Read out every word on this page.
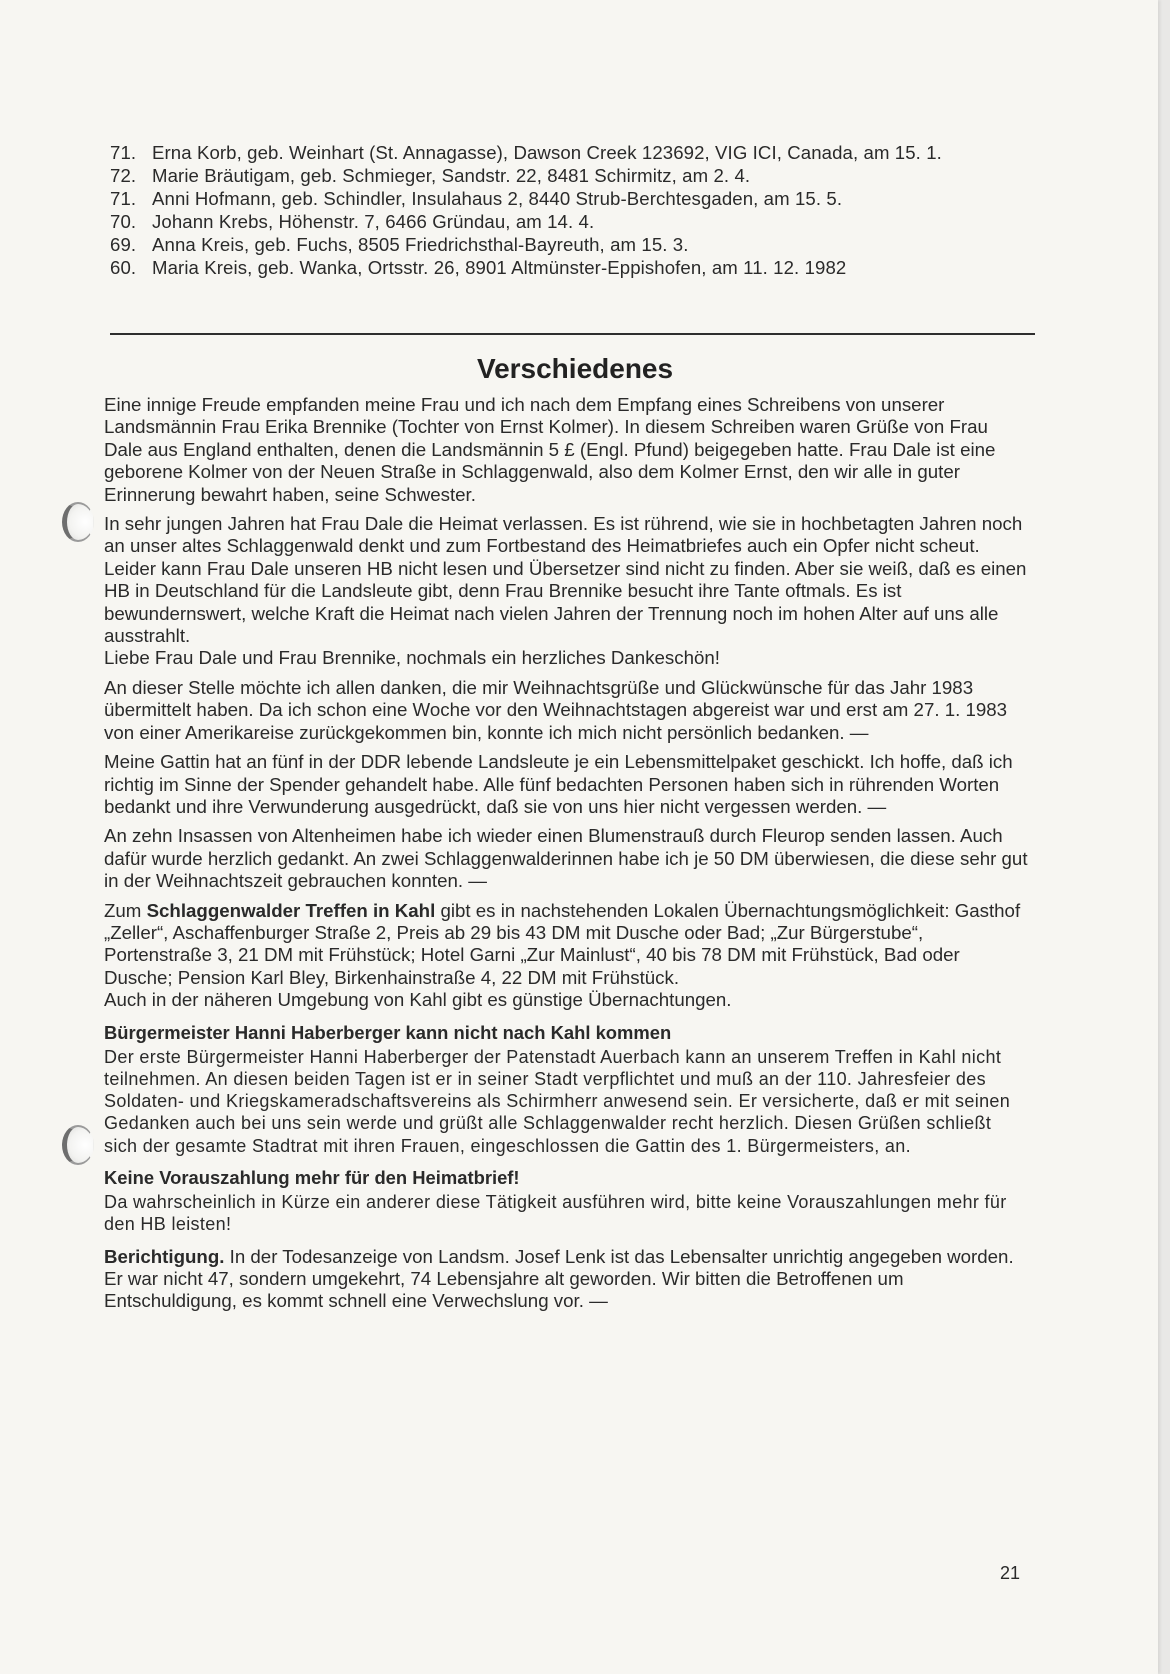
71. Erna Korb, geb. Weinhart (St. Annagasse), Dawson Creek 123692, VIG ICI, Canada, am 15. 1.
72. Marie Bräutigam, geb. Schmieger, Sandstr. 22, 8481 Schirmitz, am 2. 4.
71. Anni Hofmann, geb. Schindler, Insulahaus 2, 8440 Strub-Berchtesgaden, am 15. 5.
70. Johann Krebs, Höhenstr. 7, 6466 Gründau, am 14. 4.
69. Anna Kreis, geb. Fuchs, 8505 Friedrichsthal-Bayreuth, am 15. 3.
60. Maria Kreis, geb. Wanka, Ortsstr. 26, 8901 Altmünster-Eppishofen, am 11. 12. 1982
Verschiedenes

Eine innige Freude empfanden meine Frau und ich nach dem Empfang eines Schreibens von unserer Landsmännin Frau Erika Brennike (Tochter von Ernst Kolmer). In diesem Schreiben waren Grüße von Frau Dale aus England enthalten, denen die Landsmännin 5 £ (Engl. Pfund) beigegeben hatte. Frau Dale ist eine geborene Kolmer von der Neuen Straße in Schlaggenwald, also dem Kolmer Ernst, den wir alle in guter Erinnerung bewahrt haben, seine Schwester.

In sehr jungen Jahren hat Frau Dale die Heimat verlassen. Es ist rührend, wie sie in hochbetagten Jahren noch an unser altes Schlaggenwald denkt und zum Fortbestand des Heimatbriefes auch ein Opfer nicht scheut. Leider kann Frau Dale unseren HB nicht lesen und Übersetzer sind nicht zu finden. Aber sie weiß, daß es einen HB in Deutschland für die Landsleute gibt, denn Frau Brennike besucht ihre Tante oftmals. Es ist bewundernswert, welche Kraft die Heimat nach vielen Jahren der Trennung noch im hohen Alter auf uns alle ausstrahlt.

Liebe Frau Dale und Frau Brennike, nochmals ein herzliches Dankeschön!

An dieser Stelle möchte ich allen danken, die mir Weihnachtsgrüße und Glückwünsche für das Jahr 1983 übermittelt haben. Da ich schon eine Woche vor den Weihnachtstagen abgereist war und erst am 27. 1. 1983 von einer Amerikareise zurückgekommen bin, konnte ich mich nicht persönlich bedanken. —

Meine Gattin hat an fünf in der DDR lebende Landsleute je ein Lebensmittelpaket geschickt. Ich hoffe, daß ich richtig im Sinne der Spender gehandelt habe. Alle fünf bedachten Personen haben sich in rührenden Worten bedankt und ihre Verwunderung ausgedrückt, daß sie von uns hier nicht vergessen werden. —

An zehn Insassen von Altenheimen habe ich wieder einen Blumenstrauß durch Fleurop senden lassen. Auch dafür wurde herzlich gedankt. An zwei Schlaggenwalderinnen habe ich je 50 DM überwiesen, die diese sehr gut in der Weihnachtszeit gebrauchen konnten. —

Zum Schlaggenwalder Treffen in Kahl gibt es in nachstehenden Lokalen Übernachtungsmöglichkeit: Gasthof „Zeller“, Aschaffenburger Straße 2, Preis ab 29 bis 43 DM mit Dusche oder Bad; „Zur Bürgerstube“, Portenstraße 3, 21 DM mit Frühstück; Hotel Garni „Zur Mainlust“, 40 bis 78 DM mit Frühstück, Bad oder Dusche; Pension Karl Bley, Birkenhainstraße 4, 22 DM mit Frühstück.

Auch in der näheren Umgebung von Kahl gibt es günstige Übernachtungen.

Bürgermeister Hanni Haberberger kann nicht nach Kahl kommen

Der erste Bürgermeister Hanni Haberberger der Patenstadt Auerbach kann an unserem Treffen in Kahl nicht teilnehmen. An diesen beiden Tagen ist er in seiner Stadt verpflichtet und muß an der 110. Jahresfeier des Soldaten- und Kriegskameradschaftsvereins als Schirmherr anwesend sein. Er versicherte, daß er mit seinen Gedanken auch bei uns sein werde und grüßt alle Schlaggenwalder recht herzlich. Diesen Grüßen schließt sich der gesamte Stadtrat mit ihren Frauen, eingeschlossen die Gattin des 1. Bürgermeisters, an.

Keine Vorauszahlung mehr für den Heimatbrief!

Da wahrscheinlich in Kürze ein anderer diese Tätigkeit ausführen wird, bitte keine Vorauszahlungen mehr für den HB leisten!

Berichtigung. In der Todesanzeige von Landsm. Josef Lenk ist das Lebensalter unrichtig angegeben worden. Er war nicht 47, sondern umgekehrt, 74 Lebensjahre alt geworden. Wir bitten die Betroffenen um Entschuldigung, es kommt schnell eine Verwechslung vor. —

21
